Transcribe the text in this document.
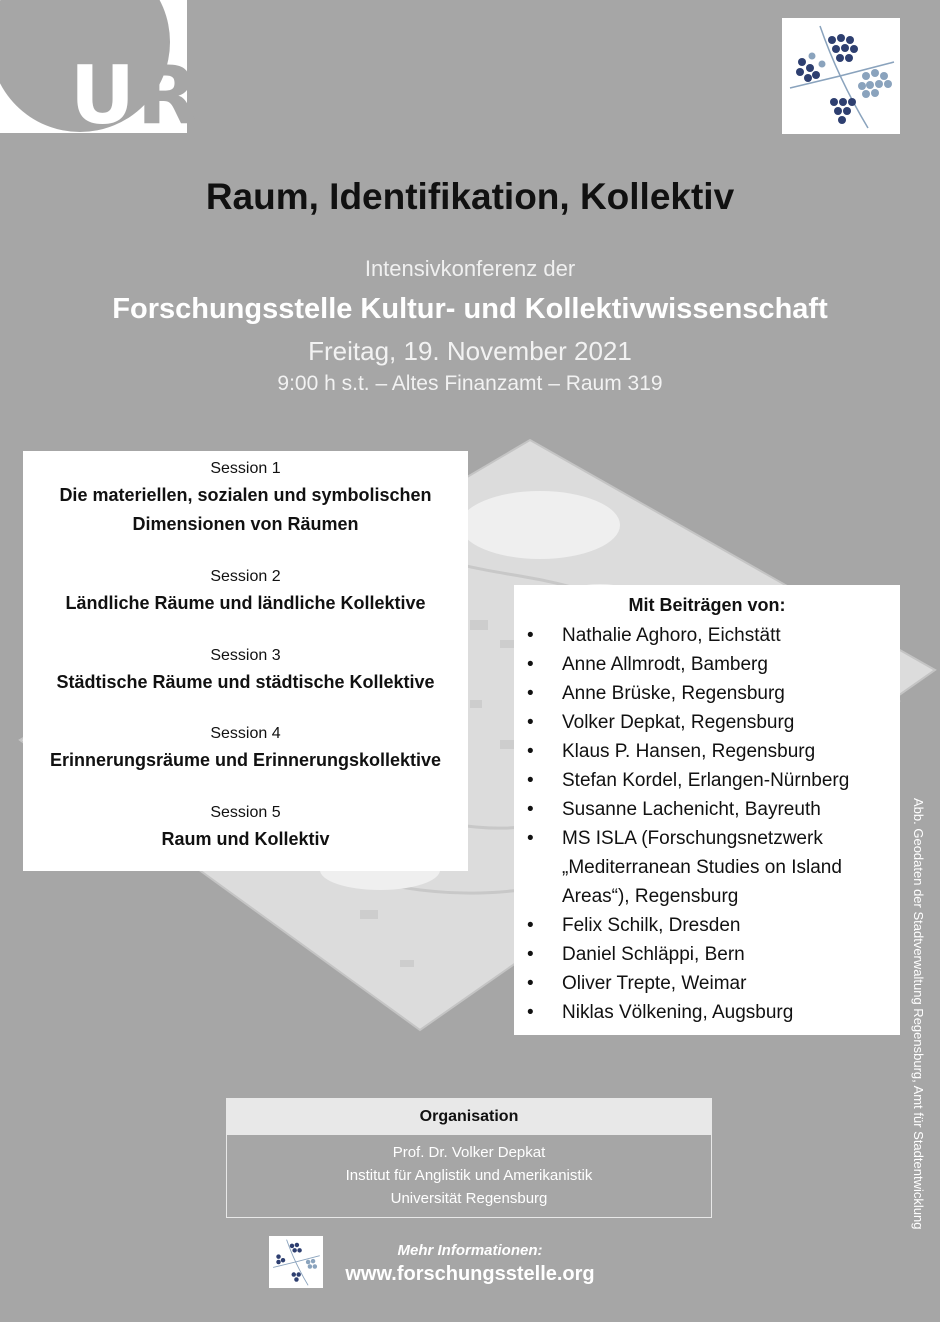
UR
Raum, Identifikation, Kollektiv
Intensivkonferenz der
Forschungsstelle Kultur- und Kollektivwissenschaft
Freitag, 19. November 2021
9:00 h s.t. – Altes Finanzamt – Raum 319
Session 1
Die materiellen, sozialen und symbolischen
Dimensionen von Räumen
Session 2
Ländliche Räume und ländliche Kollektive
Session 3
Städtische Räume und städtische Kollektive
Session 4
Erinnerungsräume und Erinnerungskollektive
Session 5
Raum und Kollektiv
Mit Beiträgen von:
• Nathalie Aghoro, Eichstätt
• Anne Allmrodt, Bamberg
• Anne Brüske, Regensburg
• Volker Depkat, Regensburg
• Klaus P. Hansen, Regensburg
• Stefan Kordel, Erlangen-Nürnberg
• Susanne Lachenicht, Bayreuth
• MS ISLA (Forschungsnetzwerk
„Mediterranean Studies on Island
Areas“), Regensburg
• Felix Schilk, Dresden
• Daniel Schläppi, Bern
• Oliver Trepte, Weimar
• Niklas Völkening, Augsburg	Abb. Geodaten der Stadtverwaltung Regensburg, Amt für Stadtentwicklung
Organisation
Prof. Dr. Volker Depkat
Institut für Anglistik und Amerikanistik
Universität Regensburg
Mehr Informationen:
www.forschungsstelle.org
